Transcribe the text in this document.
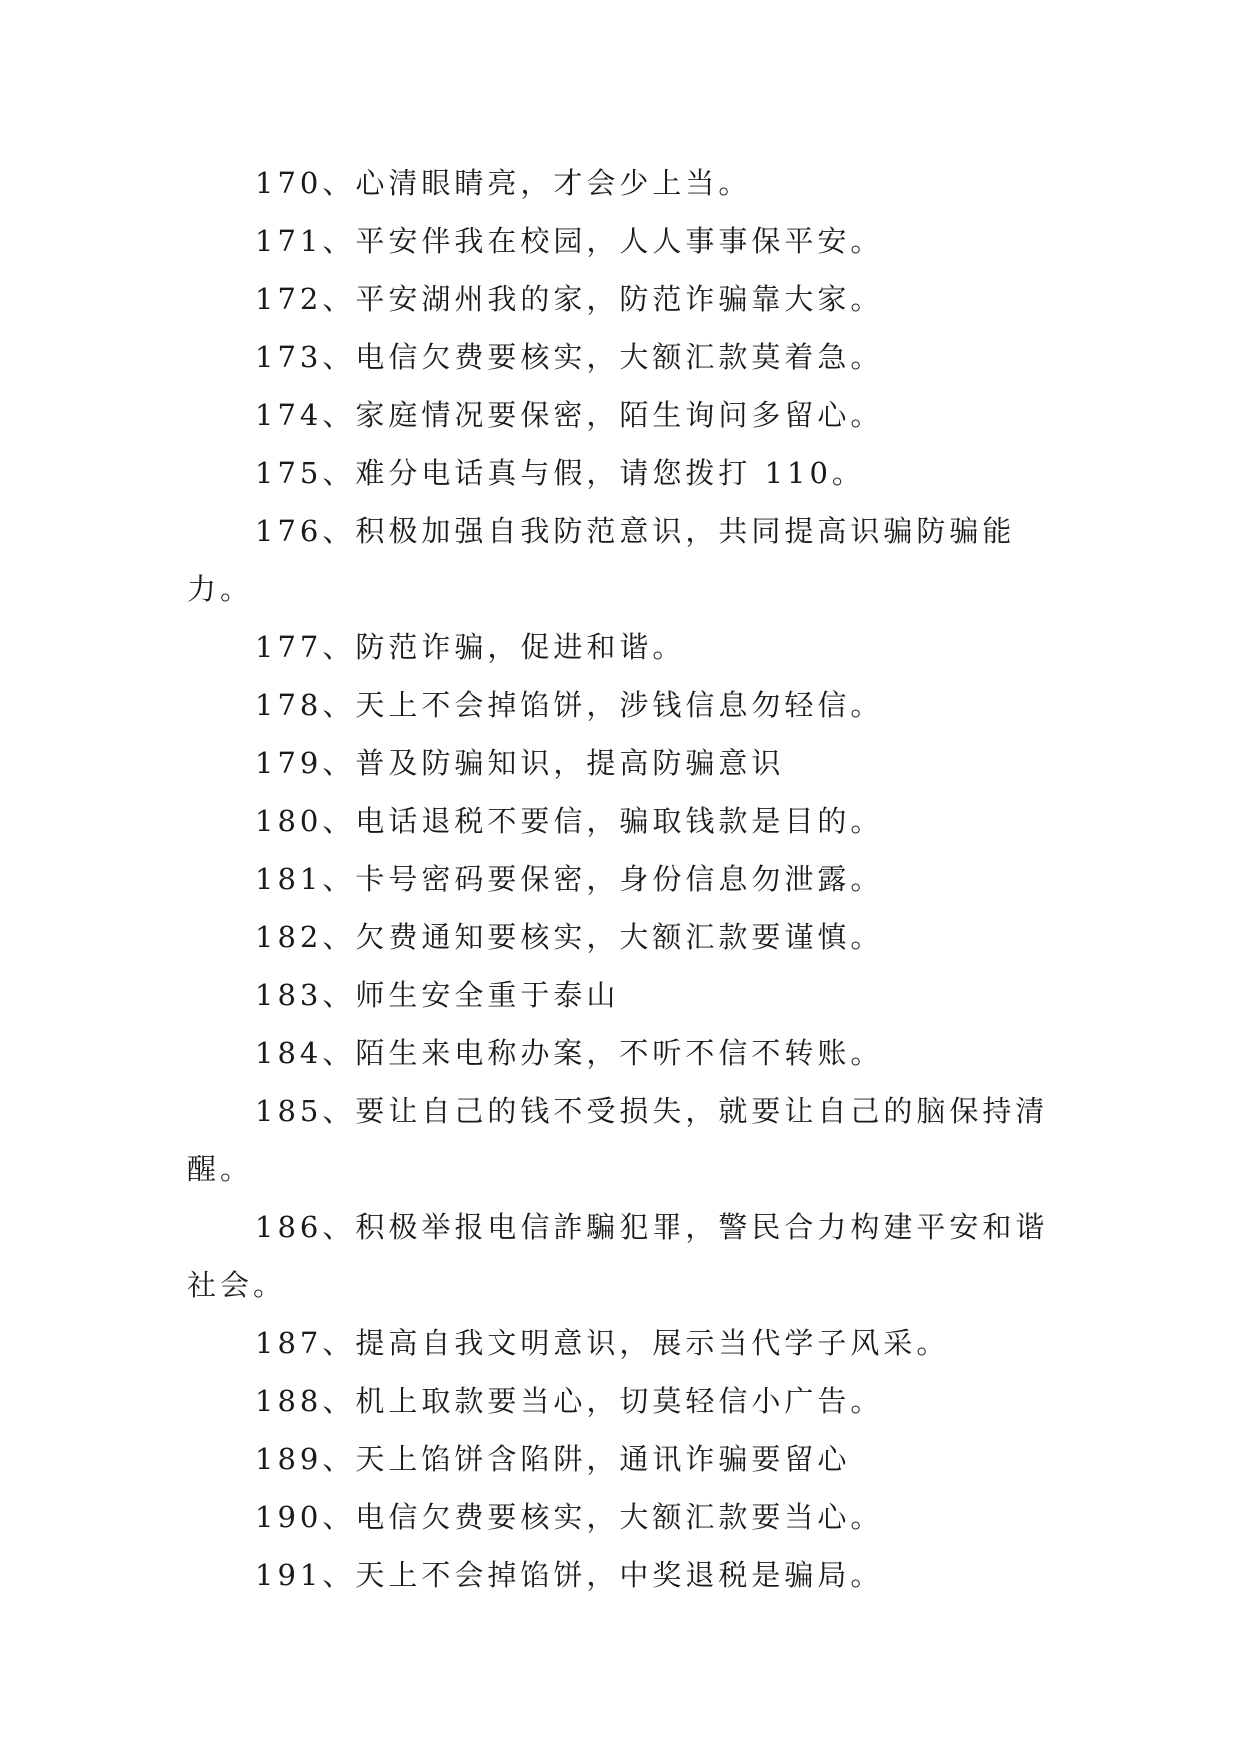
170、心清眼睛亮，才会少上当。

171、平安伴我在校园，人人事事保平安。

172、平安湖州我的家，防范诈骗靠大家。

173、电信欠费要核实，大额汇款莫着急。

174、家庭情况要保密，陌生询问多留心。

175、难分电话真与假，请您拨打 110。

176、积极加强自我防范意识，共同提高识骗防骗能力。

177、防范诈骗，促进和谐。

178、天上不会掉馅饼，涉钱信息勿轻信。

179、普及防骗知识，提高防骗意识

180、电话退税不要信，骗取钱款是目的。

181、卡号密码要保密，身份信息勿泄露。

182、欠费通知要核实，大额汇款要谨慎。

183、师生安全重于泰山

184、陌生来电称办案，不听不信不转账。

185、要让自己的钱不受损失，就要让自己的脑保持清醒。

186、积极举报电信詐騙犯罪，警民合力构建平安和谐社会。

187、提高自我文明意识，展示当代学子风采。

188、机上取款要当心，切莫轻信小广告。

189、天上馅饼含陷阱，通讯诈骗要留心

190、电信欠费要核实，大额汇款要当心。

191、天上不会掉馅饼，中奖退税是骗局。
